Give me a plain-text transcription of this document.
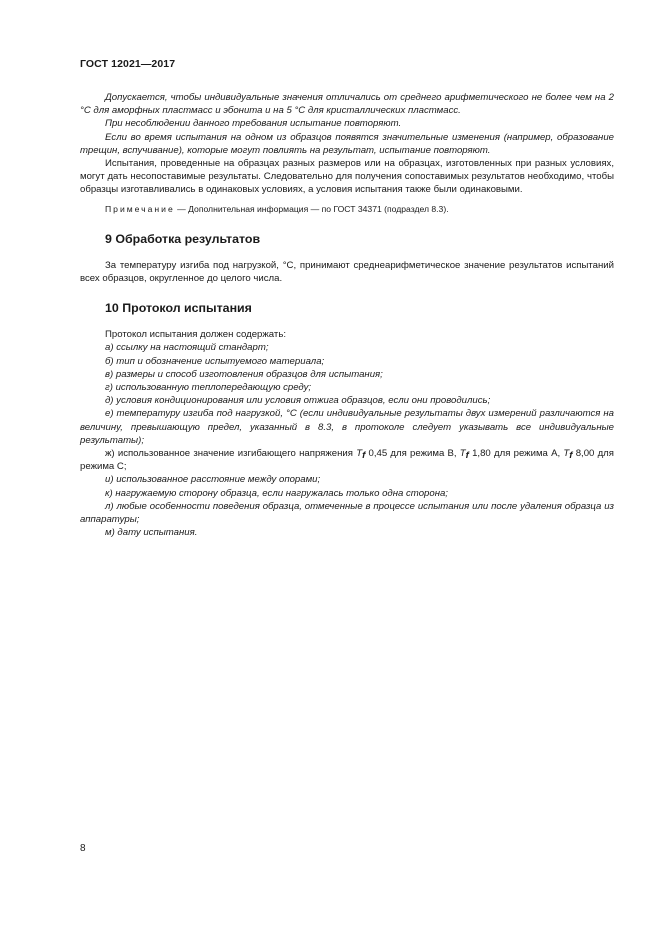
ГОСТ 12021—2017

Допускается, чтобы индивидуальные значения отличались от среднего арифметического не более чем на 2 °С для аморфных пластмасс и эбонита и на 5 °С для кристаллических пластмасс.

При несоблюдении данного требования испытание повторяют.

Если во время испытания на одном из образцов появятся значительные изменения (например, образование трещин, вспучивание), которые могут повлиять на результат, испытание повторяют.

Испытания, проведенные на образцах разных размеров или на образцах, изготовленных при разных условиях, могут дать несопоставимые результаты. Следовательно для получения сопоставимых результатов необходимо, чтобы образцы изготавливались в одинаковых условиях, а условия испытания также были одинаковыми.

Примечание — Дополнительная информация — по ГОСТ 34371 (подраздел 8.3).

9 Обработка результатов

За температуру изгиба под нагрузкой, °С, принимают среднеарифметическое значение результатов испытаний всех образцов, округленное до целого числа.

10 Протокол испытания

Протокол испытания должен содержать:

а) ссылку на настоящий стандарт;

б) тип и обозначение испытуемого материала;

в) размеры и способ изготовления образцов для испытания;

г) использованную теплопередающую среду;

д) условия кондиционирования или условия отжига образцов, если они проводились;

е) температуру изгиба под нагрузкой, °С (если индивидуальные результаты двух измерений различаются на величину, превышающую предел, указанный в 8.3, в протоколе следует указывать все индивидуальные результаты);

ж) использованное значение изгибающего напряжения Tf 0,45 для режима В, Tf 1,80 для режима А, Tf 8,00 для режима С;

и) использованное расстояние между опорами;

к) нагружаемую сторону образца, если нагружалась только одна сторона;

л) любые особенности поведения образца, отмеченные в процессе испытания или после удаления образца из аппаратуры;

м) дату испытания.

8
